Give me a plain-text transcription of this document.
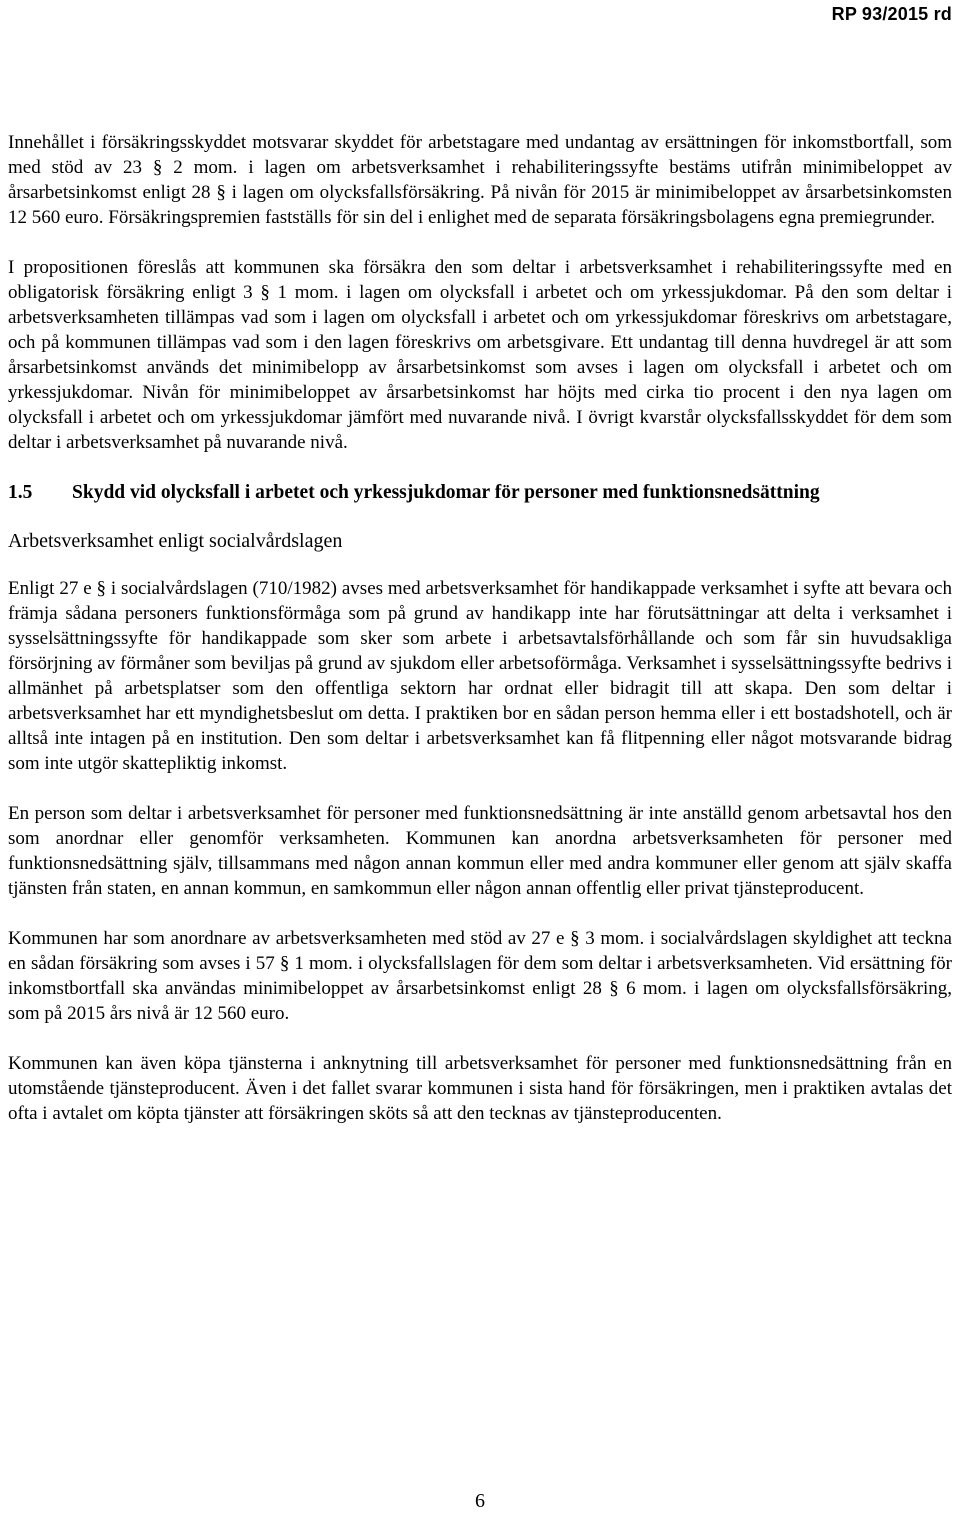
RP 93/2015 rd

Innehållet i försäkringsskyddet motsvarar skyddet för arbetstagare med undantag av ersättningen för inkomstbortfall, som med stöd av 23 § 2 mom. i lagen om arbetsverksamhet i rehabiliteringssyfte bestäms utifrån minimibeloppet av årsarbetsinkomst enligt 28 § i lagen om olycksfallsförsäkring. På nivån för 2015 är minimibeloppet av årsarbetsinkomsten 12 560 euro. Försäkringspremien fastställs för sin del i enlighet med de separata försäkringsbolagens egna premiegrunder.

I propositionen föreslås att kommunen ska försäkra den som deltar i arbetsverksamhet i rehabiliteringssyfte med en obligatorisk försäkring enligt 3 § 1 mom. i lagen om olycksfall i arbetet och om yrkessjukdomar. På den som deltar i arbetsverksamheten tillämpas vad som i lagen om olycksfall i arbetet och om yrkessjukdomar föreskrivs om arbetstagare, och på kommunen tillämpas vad som i den lagen föreskrivs om arbetsgivare. Ett undantag till denna huvdregel är att som årsarbetsinkomst används det minimibelopp av årsarbetsinkomst som avses i lagen om olycksfall i arbetet och om yrkessjukdomar. Nivån för minimibeloppet av årsarbetsinkomst har höjts med cirka tio procent i den nya lagen om olycksfall i arbetet och om yrkessjukdomar jämfört med nuvarande nivå. I övrigt kvarstår olycksfallsskyddet för dem som deltar i arbetsverksamhet på nuvarande nivå.

1.5	Skydd vid olycksfall i arbetet och yrkessjukdomar för personer med funktionsnedsättning
Arbetsverksamhet enligt socialvårdslagen

Enligt 27 e § i socialvårdslagen (710/1982) avses med arbetsverksamhet för handikappade verksamhet i syfte att bevara och främja sådana personers funktionsförmåga som på grund av handikapp inte har förutsättningar att delta i verksamhet i sysselsättningssyfte för handikappade som sker som arbete i arbetsavtalsförhållande och som får sin huvudsakliga försörjning av förmåner som beviljas på grund av sjukdom eller arbetsoförmåga. Verksamhet i sysselsättningssyfte bedrivs i allmänhet på arbetsplatser som den offentliga sektorn har ordnat eller bidragit till att skapa. Den som deltar i arbetsverksamhet har ett myndighetsbeslut om detta. I praktiken bor en sådan person hemma eller i ett bostadshotell, och är alltså inte intagen på en institution. Den som deltar i arbetsverksamhet kan få flitpenning eller något motsvarande bidrag som inte utgör skattepliktig inkomst.

En person som deltar i arbetsverksamhet för personer med funktionsnedsättning är inte anställd genom arbetsavtal hos den som anordnar eller genomför verksamheten. Kommunen kan anordna arbetsverksamheten för personer med funktionsnedsättning själv, tillsammans med någon annan kommun eller med andra kommuner eller genom att själv skaffa tjänsten från staten, en annan kommun, en samkommun eller någon annan offentlig eller privat tjänsteproducent.

Kommunen har som anordnare av arbetsverksamheten med stöd av 27 e § 3 mom. i socialvårdslagen skyldighet att teckna en sådan försäkring som avses i 57 § 1 mom. i olycksfallslagen för dem som deltar i arbetsverksamheten. Vid ersättning för inkomstbortfall ska användas minimibeloppet av årsarbetsinkomst enligt 28 § 6 mom. i lagen om olycksfallsförsäkring, som på 2015 års nivå är 12 560 euro.

Kommunen kan även köpa tjänsterna i anknytning till arbetsverksamhet för personer med funktionsnedsättning från en utomstående tjänsteproducent. Även i det fallet svarar kommunen i sista hand för försäkringen, men i praktiken avtalas det ofta i avtalet om köpta tjänster att försäkringen sköts så att den tecknas av tjänsteproducenten.

6
